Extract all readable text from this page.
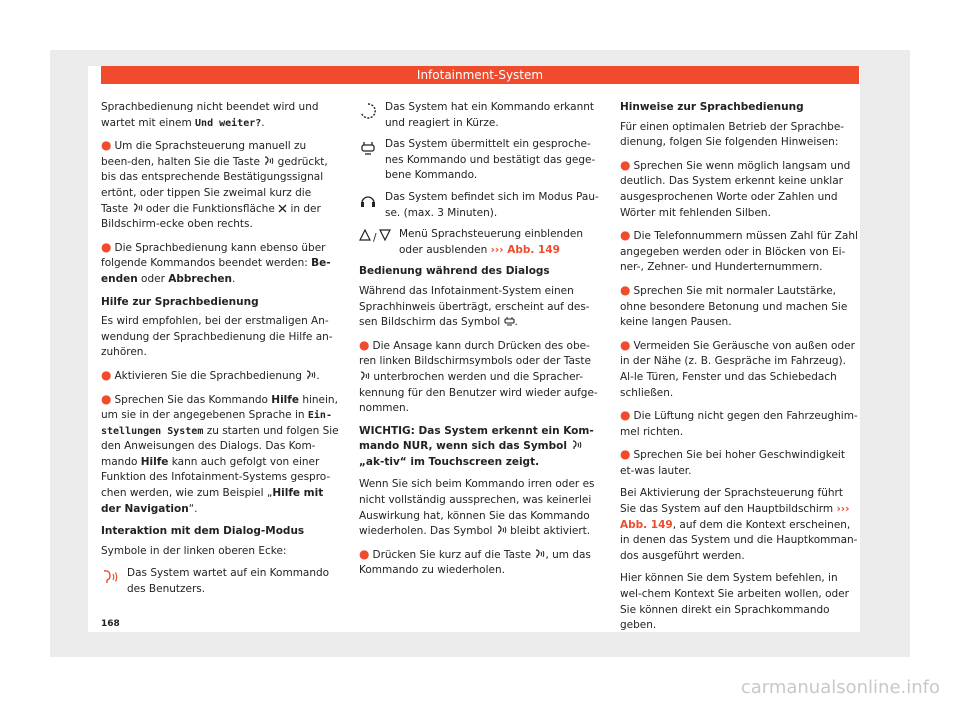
Infotainment-System

Sprachbedienung nicht beendet wird und wartet mit einem Und weiter?.

● Um die Sprachsteuerung manuell zu been-den, halten Sie die Taste  gedrückt, bis das entsprechende Bestätigungssignal ertönt, oder tippen Sie zweimal kurz die Taste  oder die Funktionsfläche  in der Bildschirm-ecke oben rechts.

● Die Sprachbedienung kann ebenso über folgende Kommandos beendet werden: Be-enden oder Abbrechen.

Hilfe zur Sprachbedienung

Es wird empfohlen, bei der erstmaligen An-wendung der Sprachbedienung die Hilfe an-zuhören.

● Aktivieren Sie die Sprachbedienung .

● Sprechen Sie das Kommando Hilfe hinein, um sie in der angegebenen Sprache in Ein-stellungen System zu starten und folgen Sie den Anweisungen des Dialogs. Das Kom-mando Hilfe kann auch gefolgt von einer Funktion des Infotainment-Systems gespro-chen werden, wie zum Beispiel „Hilfe mit der Navigation“.

Interaktion mit dem Dialog-Modus

Symbole in der linken oberen Ecke:

Das System wartet auf ein Kommando des Benutzers.
Das System hat ein Kommando erkannt und reagiert in Kürze.
Das System übermittelt ein gesproche-nes Kommando und bestätigt das gege-bene Kommando.
Das System befindet sich im Modus Pau-se. (max. 3 Minuten).
/	Menü Sprachsteuerung einblenden oder ausblenden ››› Abb. 149

Bedienung während des Dialogs

Während das Infotainment-System einen Sprachhinweis überträgt, erscheint auf des-sen Bildschirm das Symbol .

● Die Ansage kann durch Drücken des obe-ren linken Bildschirmsymbols oder der Taste  unterbrochen werden und die Spracher-kennung für den Benutzer wird wieder aufge-nommen.

WICHTIG: Das System erkennt ein Kom-mando NUR, wenn sich das Symbol  „ak-tiv“ im Touchscreen zeigt.

Wenn Sie sich beim Kommando irren oder es nicht vollständig aussprechen, was keinerlei Auswirkung hat, können Sie das Kommando wiederholen. Das Symbol  bleibt aktiviert.

● Drücken Sie kurz auf die Taste , um das Kommando zu wiederholen.

Hinweise zur Sprachbedienung

Für einen optimalen Betrieb der Sprachbe-dienung, folgen Sie folgenden Hinweisen:

● Sprechen Sie wenn möglich langsam und deutlich. Das System erkennt keine unklar ausgesprochenen Worte oder Zahlen und Wörter mit fehlenden Silben.

● Die Telefonnummern müssen Zahl für Zahl angegeben werden oder in Blöcken von Ei-ner-, Zehner- und Hunderternummern.

● Sprechen Sie mit normaler Lautstärke, ohne besondere Betonung und machen Sie keine langen Pausen.

● Vermeiden Sie Geräusche von außen oder in der Nähe (z. B. Gespräche im Fahrzeug). Al-le Türen, Fenster und das Schiebedach schließen.

● Die Lüftung nicht gegen den Fahrzeughim-mel richten.

● Sprechen Sie bei hoher Geschwindigkeit et-was lauter.

Bei Aktivierung der Sprachsteuerung führt Sie das System auf den Hauptbildschirm ››› Abb. 149, auf dem die Kontext erscheinen, in denen das System und die Hauptkomman-dos ausgeführt werden.

Hier können Sie dem System befehlen, in wel-chem Kontext Sie arbeiten wollen, oder Sie können direkt ein Sprachkommando geben.

168
carmanualsonline.info
